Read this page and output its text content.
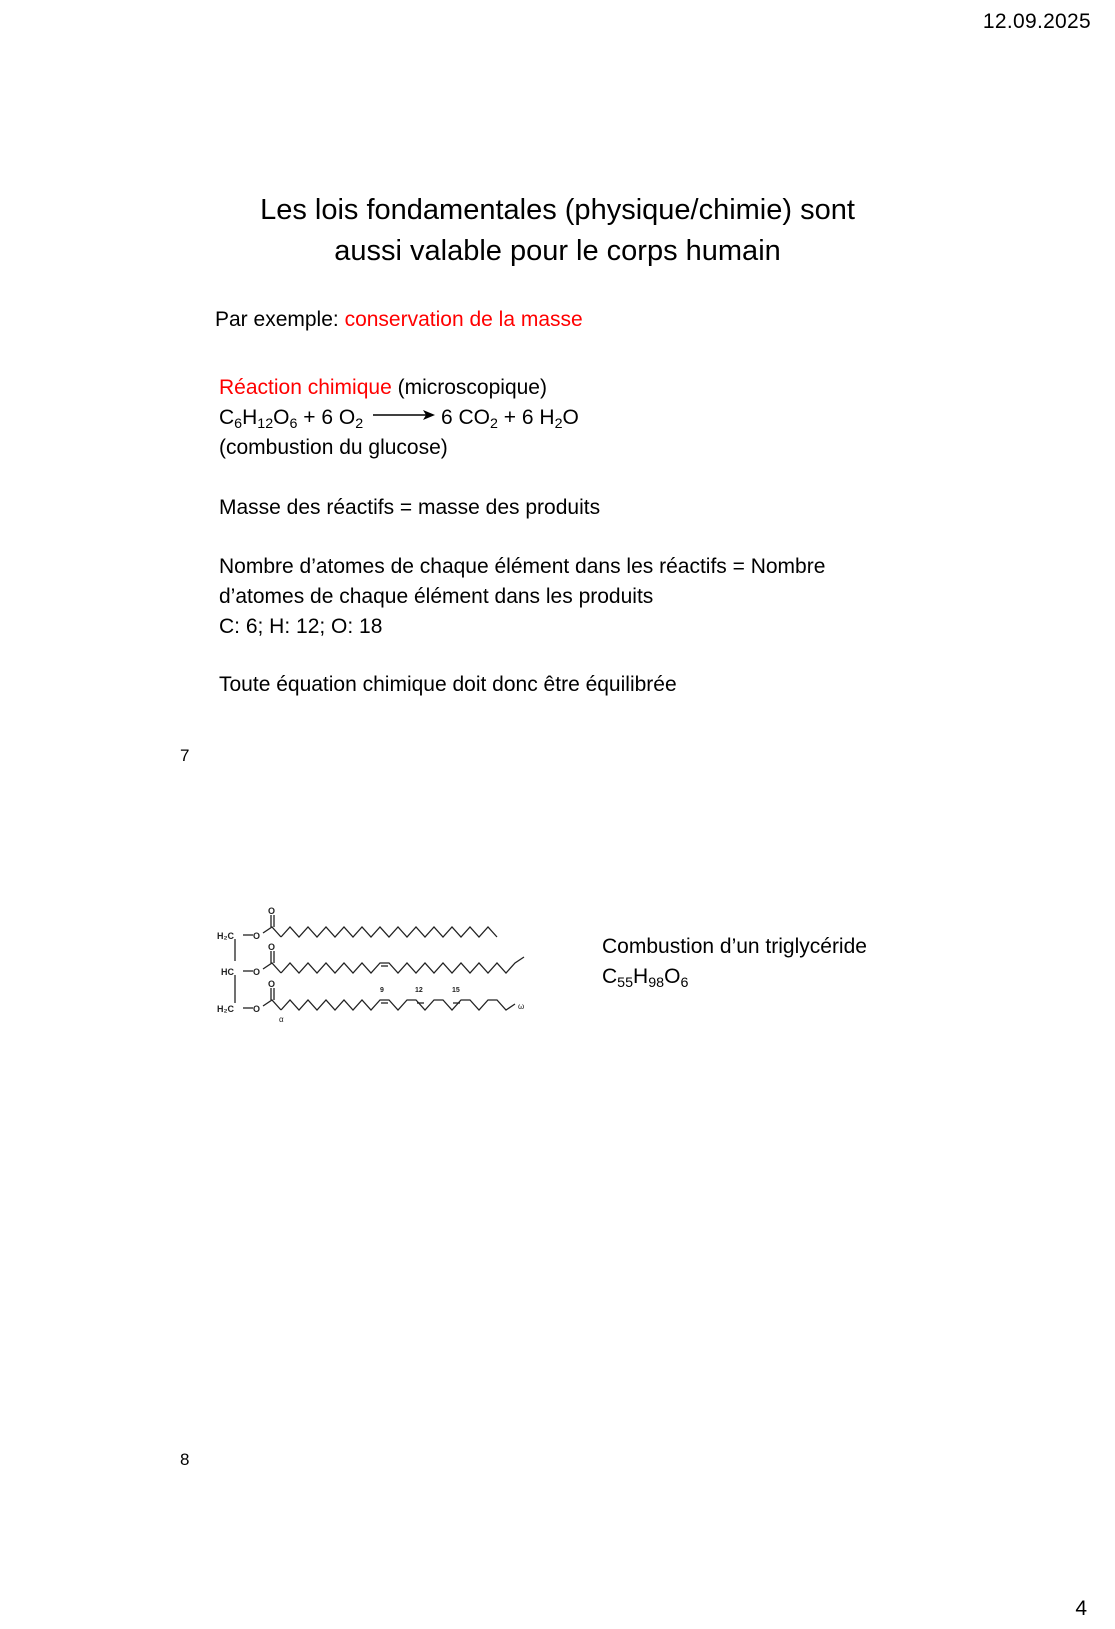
12.09.2025
Les lois fondamentales (physique/chimie) sont
aussi valable pour le corps humain
Par exemple: conservation de la masse
Réaction chimique (microscopique)
$C_6H_{12}O_6 + 6$ $O_2$	6 $CO_2 + 6$ $H_2O$
(combustion du glucose)
Masse des réactifs = masse des produits
Nombre d’atomes de chaque élément dans les réactifs = Nombre
d’atomes de chaque élément dans les produits
C: 6; H: 12; O: 18
Toute équation chimique doit donc être équilibrée
7
H₂C O
O
HC O
O
H₂C O
O
9	12	15
α
ω
Combustion d’un triglycéride
$C_{55}H_{98}O_6$
8
4
